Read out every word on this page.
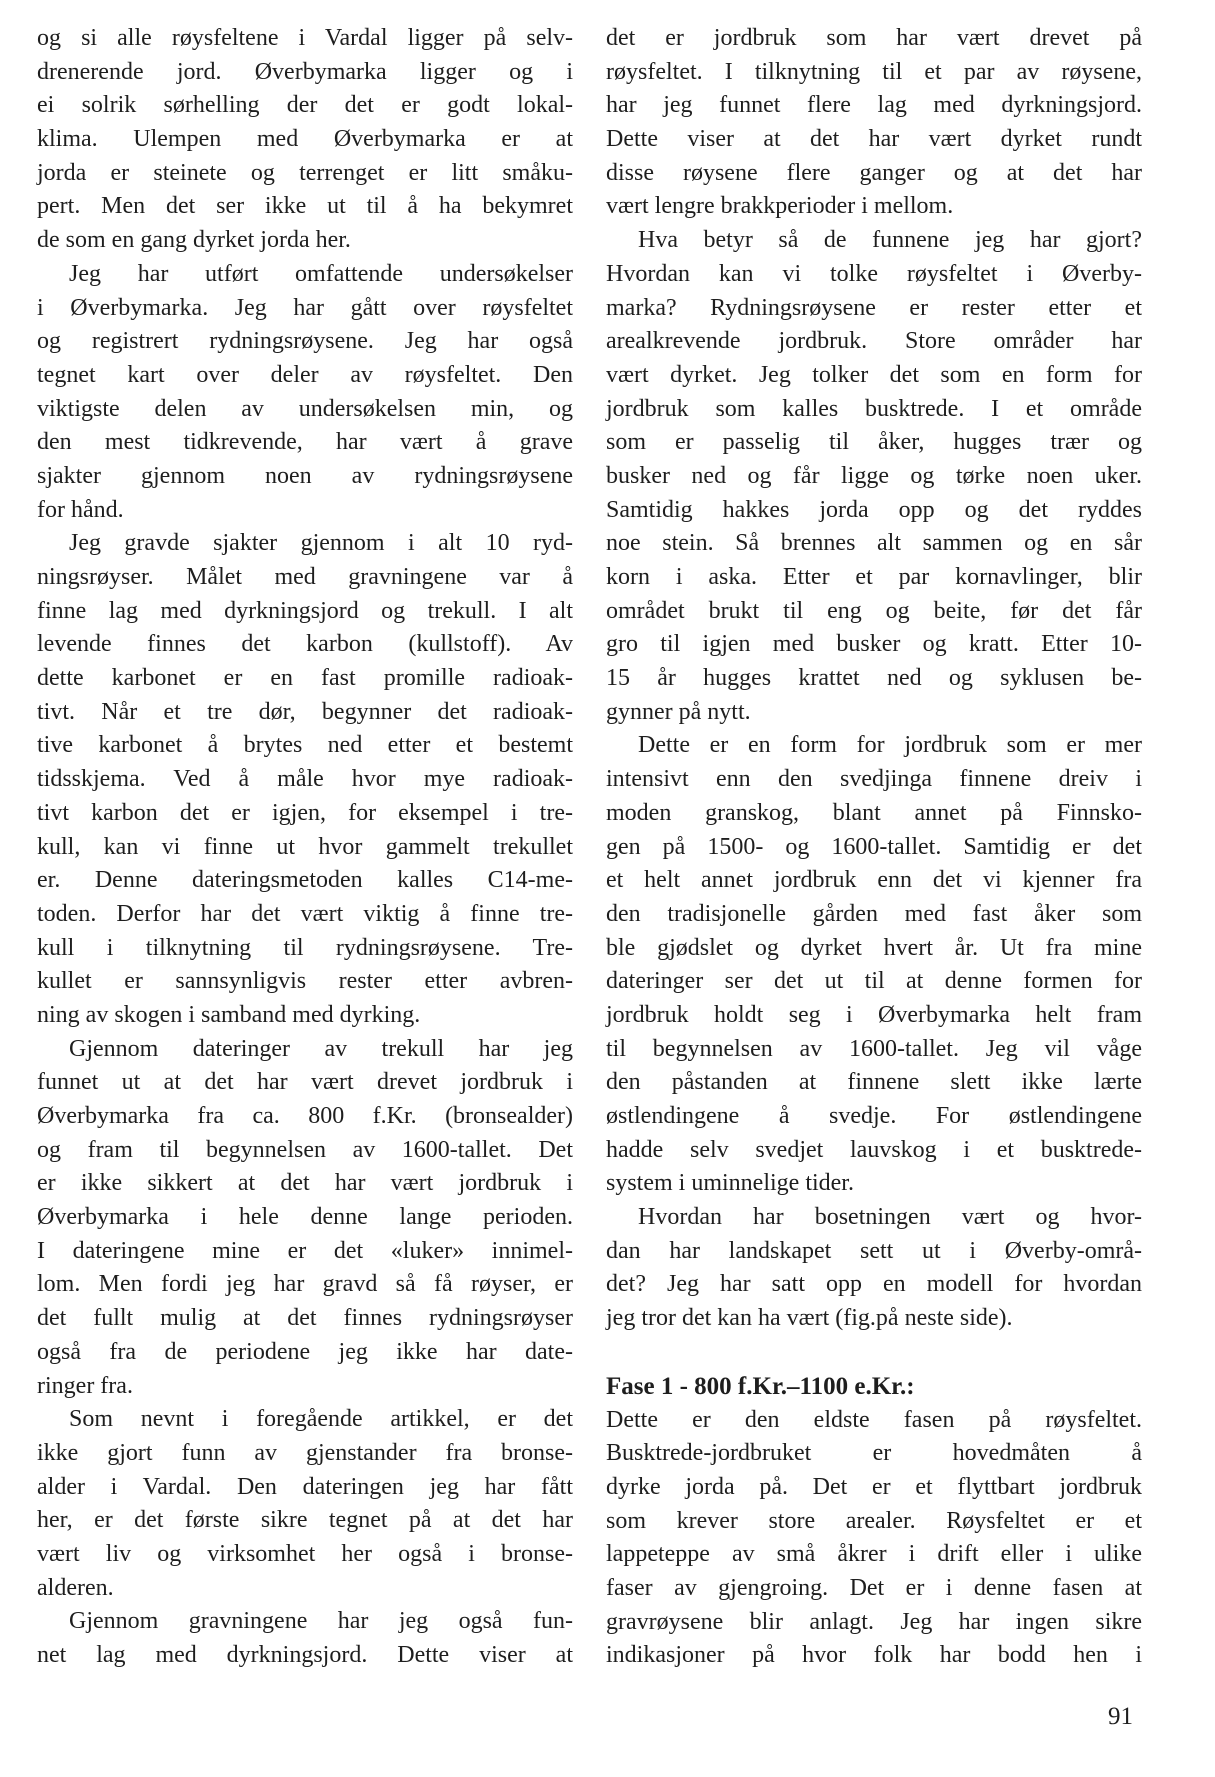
og si alle røysfeltene i Vardal ligger på selv-
drenerende jord. Øverbymarka ligger og i
ei solrik sørhelling der det er godt lokal-
klima. Ulempen med Øverbymarka er at
jorda er steinete og terrenget er litt småku-
pert. Men det ser ikke ut til å ha bekymret
de som en gang dyrket jorda her.
Jeg har utført omfattende undersøkelser
i Øverbymarka. Jeg har gått over røysfeltet
og registrert rydningsrøysene. Jeg har også
tegnet kart over deler av røysfeltet. Den
viktigste delen av undersøkelsen min, og
den mest tidkrevende, har vært å grave
sjakter gjennom noen av rydningsrøysene
for hånd.
Jeg gravde sjakter gjennom i alt 10 ryd-
ningsrøyser. Målet med gravningene var å
finne lag med dyrkningsjord og trekull. I alt
levende finnes det karbon (kullstoff). Av
dette karbonet er en fast promille radioak-
tivt. Når et tre dør, begynner det radioak-
tive karbonet å brytes ned etter et bestemt
tidsskjema. Ved å måle hvor mye radioak-
tivt karbon det er igjen, for eksempel i tre-
kull, kan vi finne ut hvor gammelt trekullet
er. Denne dateringsmetoden kalles C14-me-
toden. Derfor har det vært viktig å finne tre-
kull i tilknytning til rydningsrøysene. Tre-
kullet er sannsynligvis rester etter avbren-
ning av skogen i samband med dyrking.
Gjennom dateringer av trekull har jeg
funnet ut at det har vært drevet jordbruk i
Øverbymarka fra ca. 800 f.Kr. (bronsealder)
og fram til begynnelsen av 1600-tallet. Det
er ikke sikkert at det har vært jordbruk i
Øverbymarka i hele denne lange perioden.
I dateringene mine er det «luker» innimel-
lom. Men fordi jeg har gravd så få røyser, er
det fullt mulig at det finnes rydningsrøyser
også fra de periodene jeg ikke har date-
ringer fra.
Som nevnt i foregående artikkel, er det
ikke gjort funn av gjenstander fra bronse-
alder i Vardal. Den dateringen jeg har fått
her, er det første sikre tegnet på at det har
vært liv og virksomhet her også i bronse-
alderen.
Gjennom gravningene har jeg også fun-
net lag med dyrkningsjord. Dette viser at
det er jordbruk som har vært drevet på
røysfeltet. I tilknytning til et par av røysene,
har jeg funnet flere lag med dyrkningsjord.
Dette viser at det har vært dyrket rundt
disse røysene flere ganger og at det har
vært lengre brakkperioder i mellom.
Hva betyr så de funnene jeg har gjort?
Hvordan kan vi tolke røysfeltet i Øverby-
marka? Rydningsrøysene er rester etter et
arealkrevende jordbruk. Store områder har
vært dyrket. Jeg tolker det som en form for
jordbruk som kalles busktrede. I et område
som er passelig til åker, hugges trær og
busker ned og får ligge og tørke noen uker.
Samtidig hakkes jorda opp og det ryddes
noe stein. Så brennes alt sammen og en sår
korn i aska. Etter et par kornavlinger, blir
området brukt til eng og beite, før det får
gro til igjen med busker og kratt. Etter 10-
15 år hugges krattet ned og syklusen be-
gynner på nytt.
Dette er en form for jordbruk som er mer
intensivt enn den svedjinga finnene dreiv i
moden granskog, blant annet på Finnsko-
gen på 1500- og 1600-tallet. Samtidig er det
et helt annet jordbruk enn det vi kjenner fra
den tradisjonelle gården med fast åker som
ble gjødslet og dyrket hvert år. Ut fra mine
dateringer ser det ut til at denne formen for
jordbruk holdt seg i Øverbymarka helt fram
til begynnelsen av 1600-tallet. Jeg vil våge
den påstanden at finnene slett ikke lærte
østlendingene å svedje. For østlendingene
hadde selv svedjet lauvskog i et busktrede-
system i uminnelige tider.
Hvordan har bosetningen vært og hvor-
dan har landskapet sett ut i Øverby-områ-
det? Jeg har satt opp en modell for hvordan
jeg tror det kan ha vært (fig.på neste side).
Fase 1 - 800 f.Kr.–1100 e.Kr.:
Dette er den eldste fasen på røysfeltet.
Busktrede-jordbruket er hovedmåten å
dyrke jorda på. Det er et flyttbart jordbruk
som krever store arealer. Røysfeltet er et
lappeteppe av små åkrer i drift eller i ulike
faser av gjengroing. Det er i denne fasen at
gravrøysene blir anlagt. Jeg har ingen sikre
indikasjoner på hvor folk har bodd hen i
91
